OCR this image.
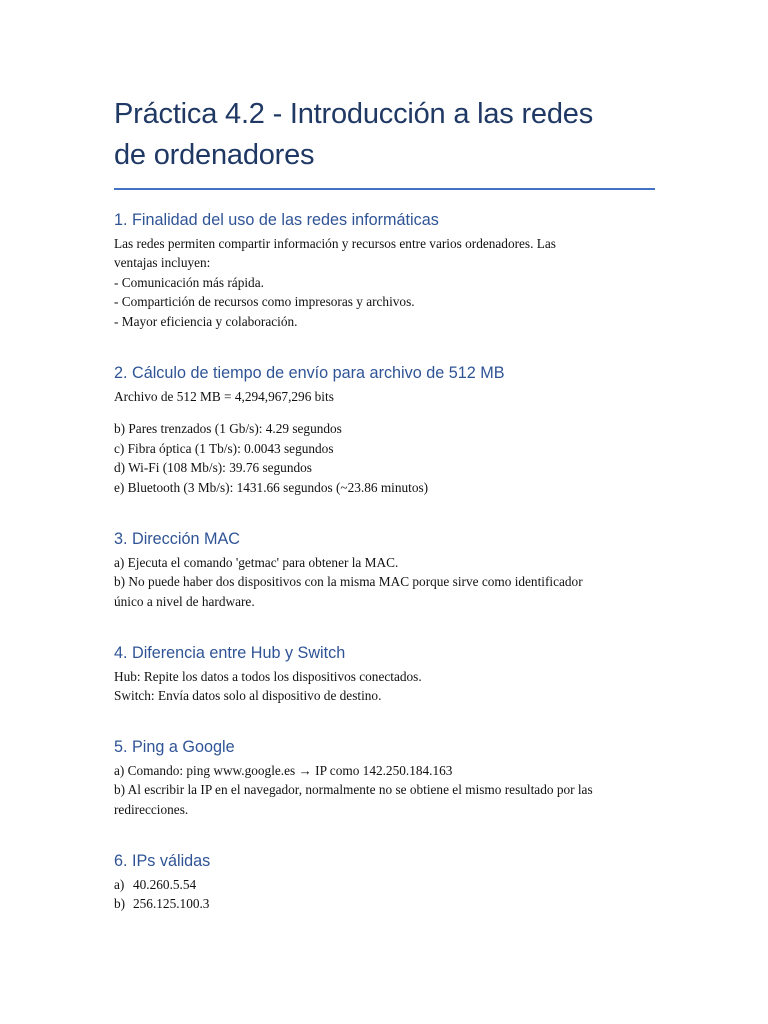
Práctica 4.2 - Introducción a las redes
de ordenadores
1. Finalidad del uso de las redes informáticas

Las redes permiten compartir información y recursos entre varios ordenadores. Las

ventajas incluyen:

- Comunicación más rápida.

- Compartición de recursos como impresoras y archivos.

- Mayor eficiencia y colaboración.

2. Cálculo de tiempo de envío para archivo de 512 MB

Archivo de 512 MB = 4,294,967,296 bits

b) Pares trenzados (1 Gb/s): 4.29 segundos

c) Fibra óptica (1 Tb/s): 0.0043 segundos

d) Wi-Fi (108 Mb/s): 39.76 segundos

e) Bluetooth (3 Mb/s): 1431.66 segundos (~23.86 minutos)

3. Dirección MAC

a) Ejecuta el comando 'getmac' para obtener la MAC.

b) No puede haber dos dispositivos con la misma MAC porque sirve como identificador

único a nivel de hardware.

4. Diferencia entre Hub y Switch

Hub: Repite los datos a todos los dispositivos conectados.

Switch: Envía datos solo al dispositivo de destino.

5. Ping a Google

a) Comando: ping www.google.es → IP como 142.250.184.163

b) Al escribir la IP en el navegador, normalmente no se obtiene el mismo resultado por las

redirecciones.

6. IPs válidas
a) 40.260.5.54
b) 256.125.100.3
